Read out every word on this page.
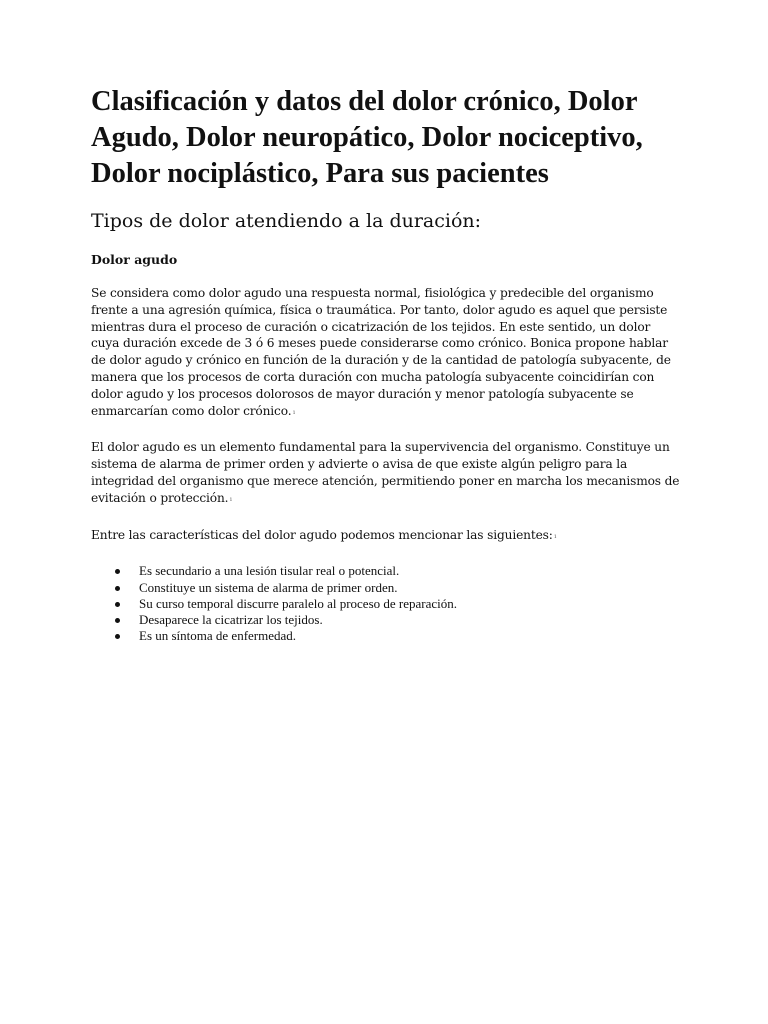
Clasificación y datos del dolor crónico, Dolor Agudo, Dolor neuropático, Dolor nociceptivo, Dolor nociplástico, Para sus pacientes
Tipos de dolor atendiendo a la duración:
Dolor agudo

Se considera como dolor agudo una respuesta normal, fisiológica y predecible del organismo frente a una agresión química, física o traumática. Por tanto, dolor agudo es aquel que persiste mientras dura el proceso de curación o cicatrización de los tejidos. En este sentido, un dolor cuya duración excede de 3 ó 6 meses puede considerarse como crónico. Bonica propone hablar de dolor agudo y crónico en función de la duración y de la cantidad de patología subyacente, de manera que los procesos de corta duración con mucha patología subyacente coincidirían con dolor agudo y los procesos dolorosos de mayor duración y menor patología subyacente se enmarcarían como dolor crónico.$^1$

El dolor agudo es un elemento fundamental para la supervivencia del organismo. Constituye un sistema de alarma de primer orden y advierte o avisa de que existe algún peligro para la integridad del organismo que merece atención, permitiendo poner en marcha los mecanismos de evitación o protección.$^1$

Entre las características del dolor agudo podemos mencionar las siguientes:$^1$

Es secundario a una lesión tisular real o potencial.
Constituye un sistema de alarma de primer orden.
Su curso temporal discurre paralelo al proceso de reparación.
Desaparece la cicatrizar los tejidos.
Es un síntoma de enfermedad.
